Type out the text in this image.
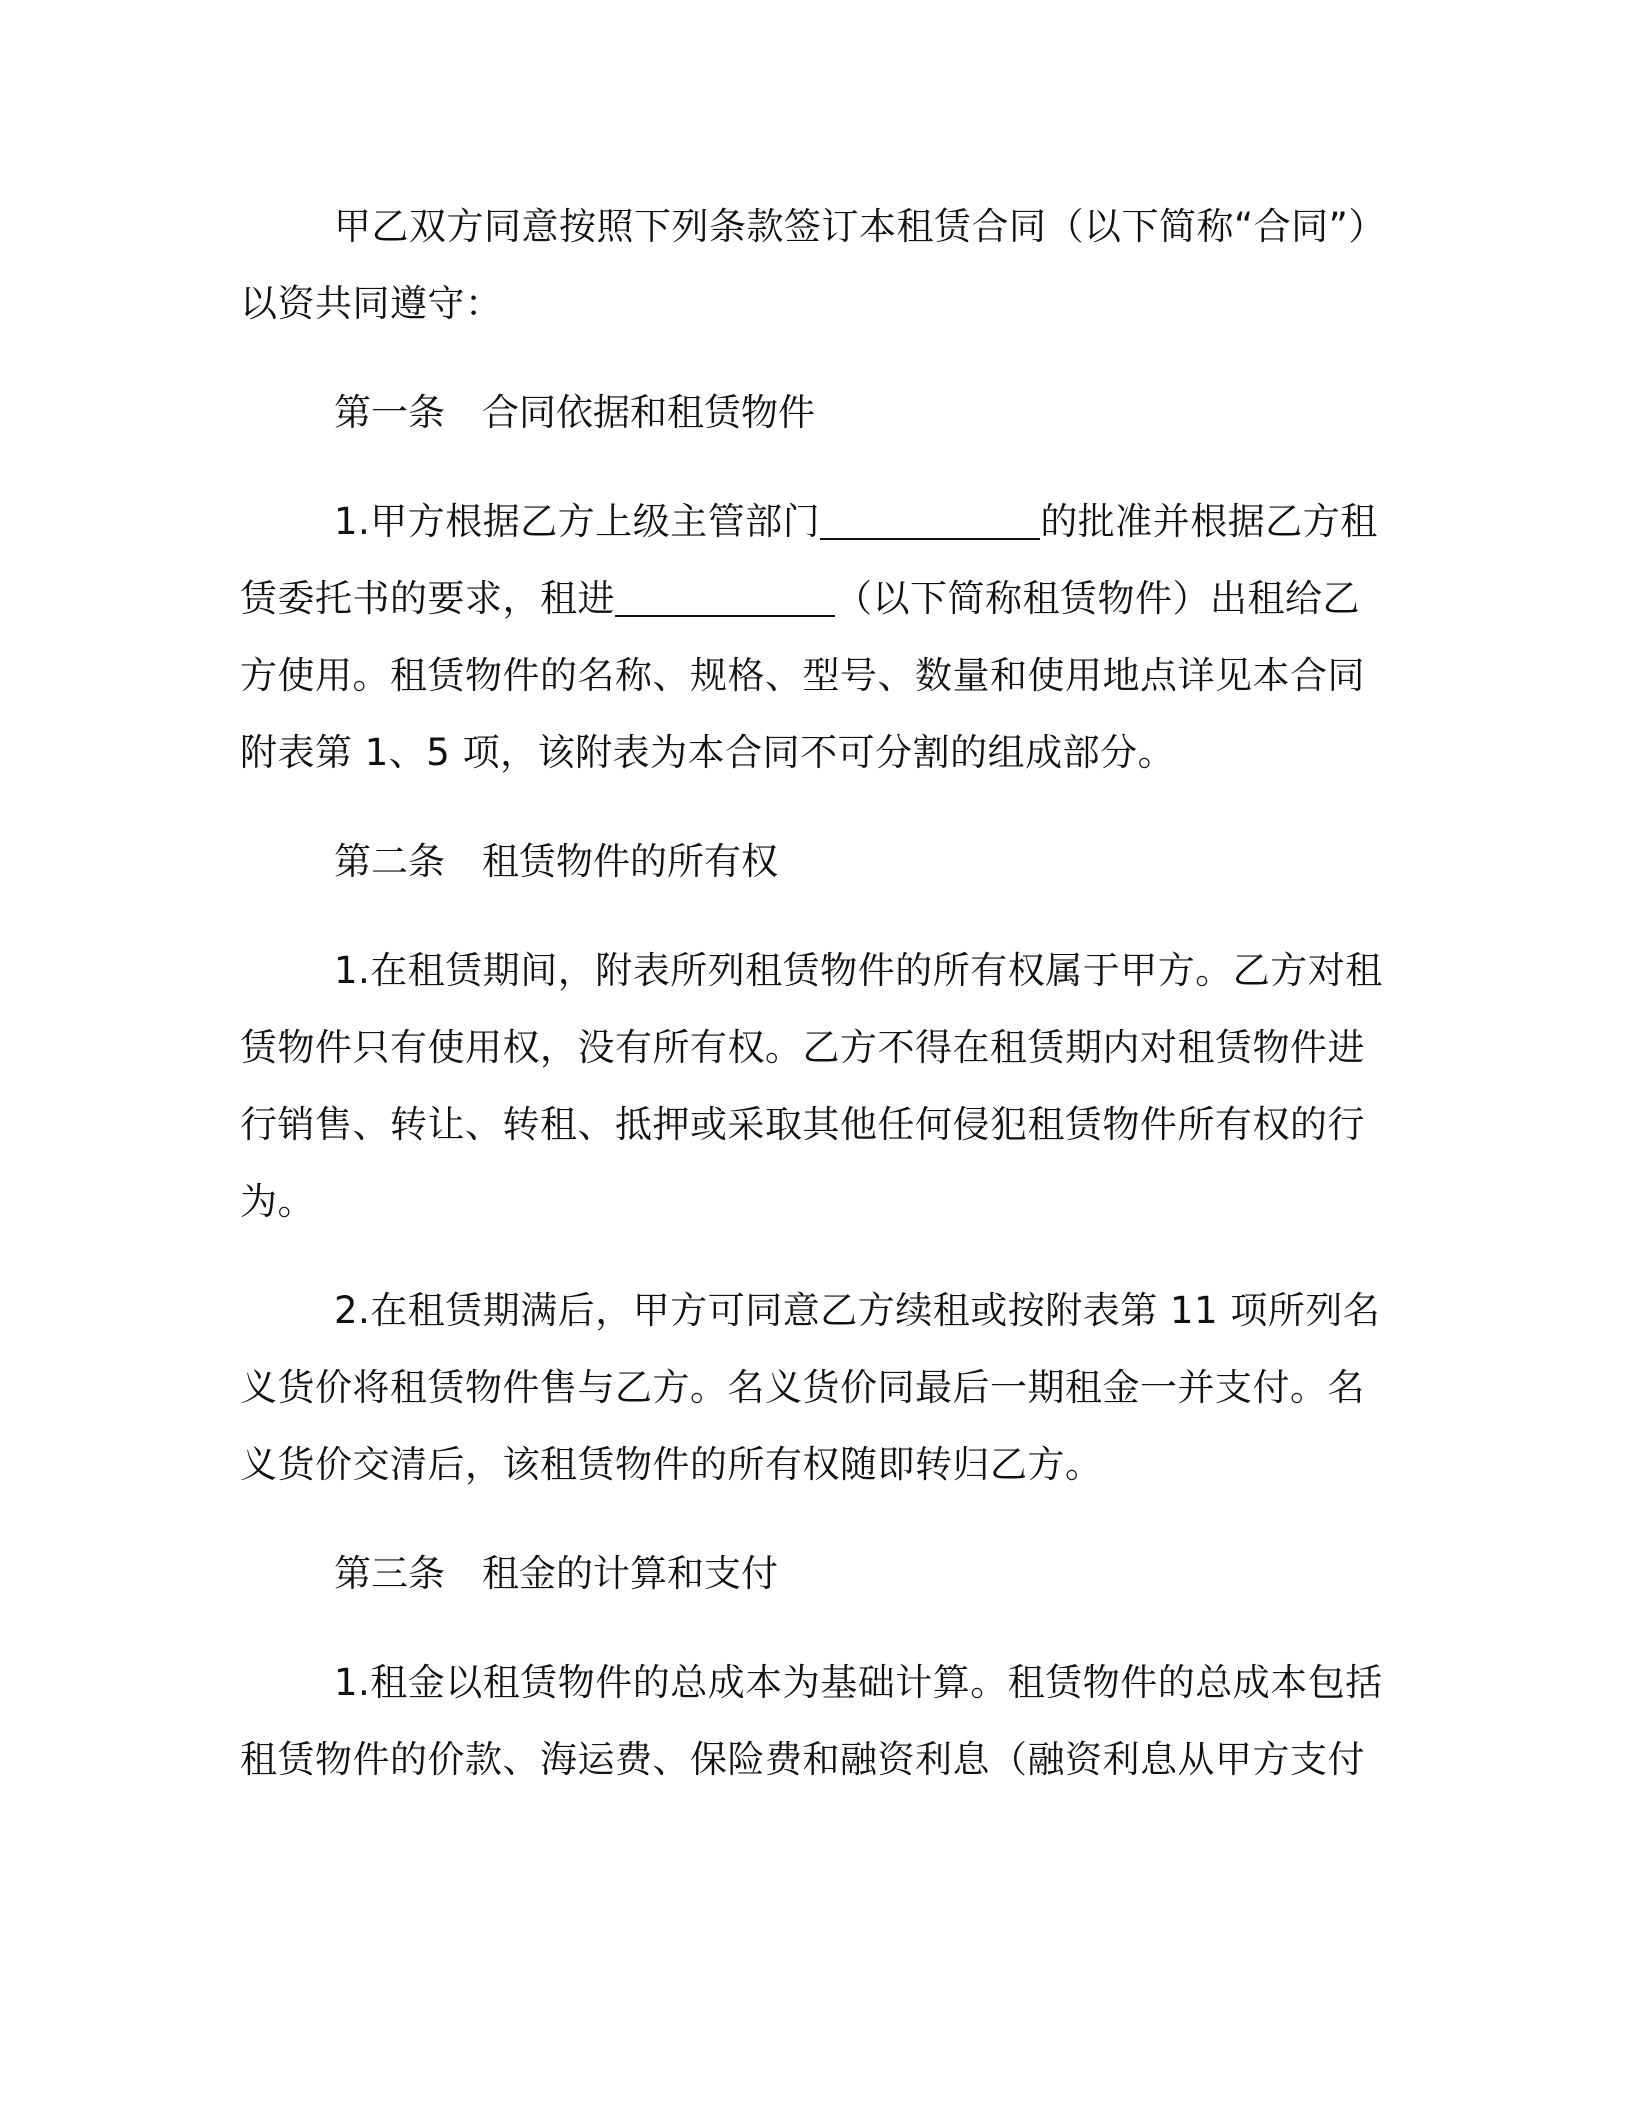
甲乙双方同意按照下列条款签订本租赁合同（以下简称“合同”）
以资共同遵守：

第一条　合同依据和租赁物件

1.甲方根据乙方上级主管部门	的批准并根据乙方租
赁委托书的要求，租进	（以下简称租赁物件）出租给乙
方使用。租赁物件的名称、规格、型号、数量和使用地点详见本合同
附表第 1、5 项，该附表为本合同不可分割的组成部分。

第二条　租赁物件的所有权

1.在租赁期间，附表所列租赁物件的所有权属于甲方。乙方对租
赁物件只有使用权，没有所有权。乙方不得在租赁期内对租赁物件进
行销售、转让、转租、抵押或采取其他任何侵犯租赁物件所有权的行
为。

2.在租赁期满后，甲方可同意乙方续租或按附表第 11 项所列名
义货价将租赁物件售与乙方。名义货价同最后一期租金一并支付。名
义货价交清后，该租赁物件的所有权随即转归乙方。

第三条　租金的计算和支付

1.租金以租赁物件的总成本为基础计算。租赁物件的总成本包括
租赁物件的价款、海运费、保险费和融资利息（融资利息从甲方支付
